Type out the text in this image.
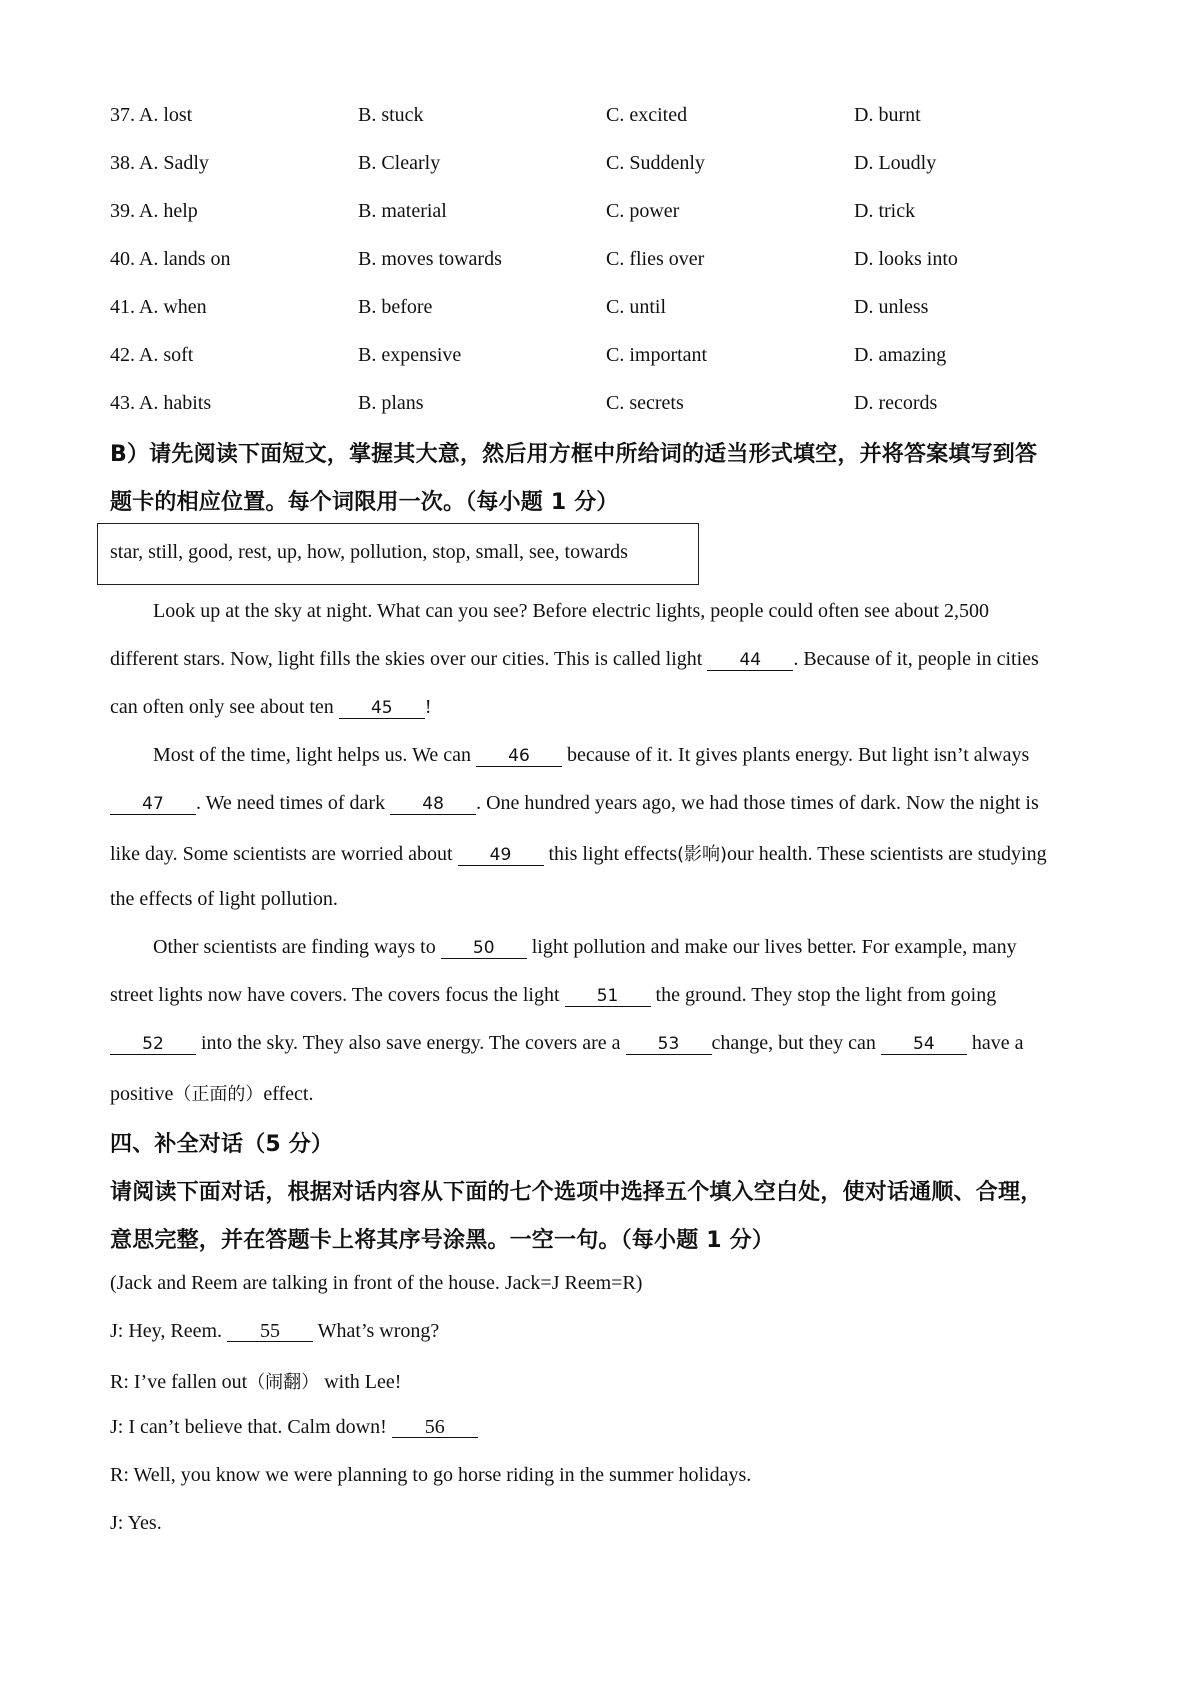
37. A. lost	B. stuck	C. excited	D. burnt
38. A. Sadly	B. Clearly	C. Suddenly	D. Loudly
39. A. help	B. material	C. power	D. trick
40. A. lands on	B. moves towards	C. flies over	D. looks into
41. A. when	B. before	C. until	D. unless
42. A. soft	B. expensive	C. important	D. amazing
43. A. habits	B. plans	C. secrets	D. records
B）请先阅读下面短文，掌握其大意，然后用方框中所给词的适当形式填空，并将答案填写到答
题卡的相应位置。每个词限用一次。（每小题 1 分）
star, still, good, rest, up, how, pollution, stop, small, see, towards
Look up at the sky at night. What can you see? Before electric lights, people could often see about 2,500
different stars. Now, light fills the skies over our cities. This is called light 44 . Because of it, people in cities
can often only see about ten 45 !
Most of the time, light helps us. We can 46 because of it. It gives plants energy. But light isn’t always
47 . We need times of dark 48 . One hundred years ago, we had those times of dark. Now the night is
like day. Some scientists are worried about 49 this light effects(影响)our health. These scientists are studying
the effects of light pollution.
Other scientists are finding ways to 50 light pollution and make our lives better. For example, many
street lights now have covers. The covers focus the light 51 the ground. They stop the light from going
52 into the sky. They also save energy. The covers are a 53 change, but they can 54 have a
positive（正面的）effect.
四、补全对话（5 分）
请阅读下面对话，根据对话内容从下面的七个选项中选择五个填入空白处，使对话通顺、合理，
意思完整，并在答题卡上将其序号涂黑。一空一句。（每小题 1 分）
(Jack and Reem are talking in front of the house. Jack=J Reem=R)
J: Hey, Reem. 55 What’s wrong?
R: I’ve fallen out（闹翻） with Lee!
J: I can’t believe that. Calm down! 56
R: Well, you know we were planning to go horse riding in the summer holidays.
J: Yes.
